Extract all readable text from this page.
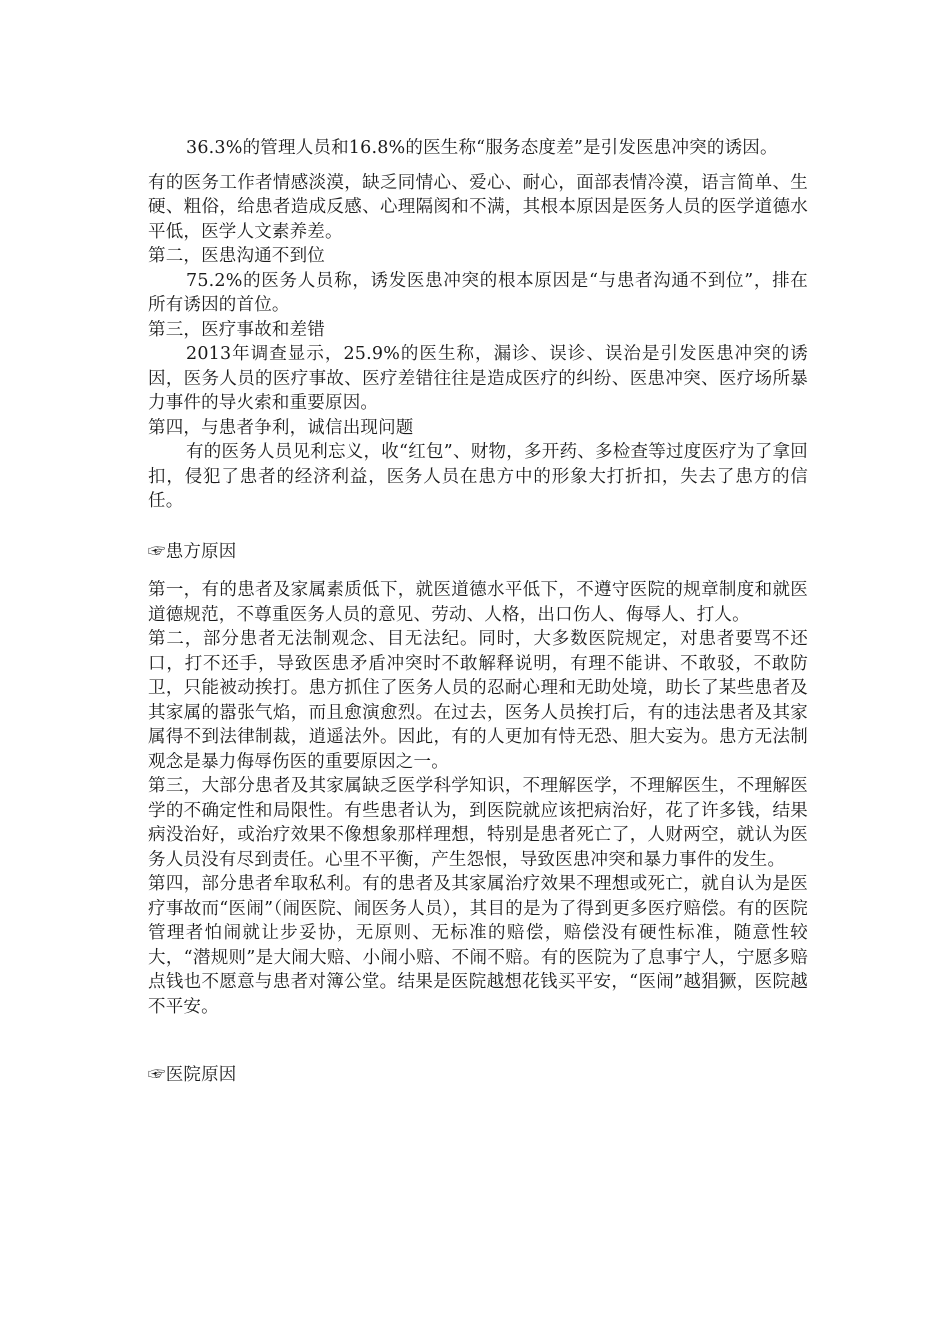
36.3%的管理人员和16.8%的医生称“服务态度差”是引发医患冲突的诱因。

有的医务工作者情感淡漠，缺乏同情心、爱心、耐心，面部表情冷漠，语言简单、生硬、粗俗，给患者造成反感、心理隔阂和不满，其根本原因是医务人员的医学道德水平低，医学人文素养差。

第二，医患沟通不到位

75.2%的医务人员称，诱发医患冲突的根本原因是“与患者沟通不到位”，排在所有诱因的首位。

第三，医疗事故和差错

2013年调查显示，25.9%的医生称，漏诊、误诊、误治是引发医患冲突的诱因，医务人员的医疗事故、医疗差错往往是造成医疗的纠纷、医患冲突、医疗场所暴力事件的导火索和重要原因。

第四，与患者争利，诚信出现问题

有的医务人员见利忘义，收“红包”、财物，多开药、多检查等过度医疗为了拿回扣，侵犯了患者的经济利益，医务人员在患方中的形象大打折扣，失去了患方的信任。

☞患方原因

第一，有的患者及家属素质低下，就医道德水平低下，不遵守医院的规章制度和就医道德规范，不尊重医务人员的意见、劳动、人格，出口伤人、侮辱人、打人。

第二，部分患者无法制观念、目无法纪。同时，大多数医院规定，对患者要骂不还口，打不还手，导致医患矛盾冲突时不敢解释说明，有理不能讲、不敢驳，不敢防卫，只能被动挨打。患方抓住了医务人员的忍耐心理和无助处境，助长了某些患者及其家属的嚣张气焰，而且愈演愈烈。在过去，医务人员挨打后，有的违法患者及其家属得不到法律制裁，逍遥法外。因此，有的人更加有恃无恐、胆大妄为。患方无法制观念是暴力侮辱伤医的重要原因之一。

第三，大部分患者及其家属缺乏医学科学知识，不理解医学，不理解医生，不理解医学的不确定性和局限性。有些患者认为，到医院就应该把病治好，花了许多钱，结果病没治好，或治疗效果不像想象那样理想，特别是患者死亡了，人财两空，就认为医务人员没有尽到责任。心里不平衡，产生怨恨，导致医患冲突和暴力事件的发生。

第四，部分患者牟取私利。有的患者及其家属治疗效果不理想或死亡，就自认为是医疗事故而“医闹”（闹医院、闹医务人员），其目的是为了得到更多医疗赔偿。有的医院管理者怕闹就让步妥协，无原则、无标准的赔偿，赔偿没有硬性标准，随意性较大，“潜规则”是大闹大赔、小闹小赔、不闹不赔。有的医院为了息事宁人，宁愿多赔点钱也不愿意与患者对簿公堂。结果是医院越想花钱买平安，“医闹”越猖獗，医院越不平安。

☞医院原因
